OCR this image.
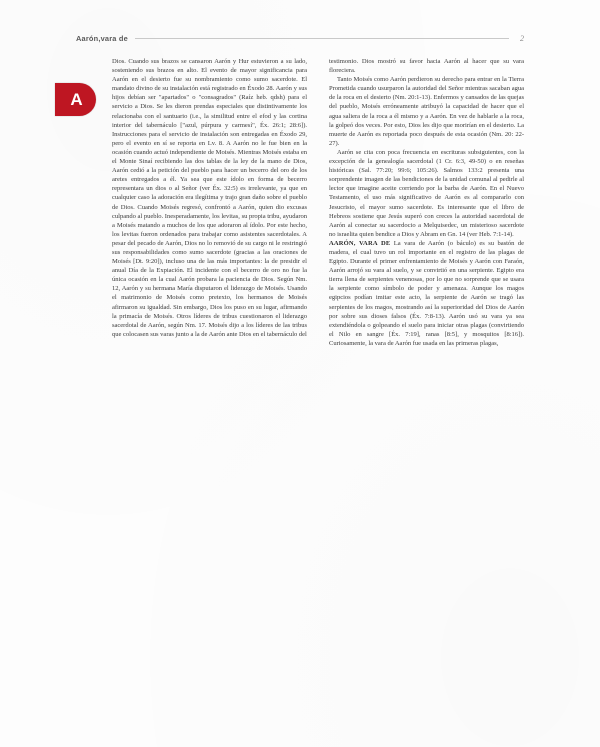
Aarón,vara de	2
A

Dios. Cuando sus brazos se cansaron Aarón y Hur estuvieron a su lado, sosteniendo sus brazos en alto. El evento de mayor significancia para Aarón en el desierto fue su nombramiento como sumo sacerdote. El mandato divino de su instalación está registrado en Éxodo 28. Aarón y sus hijos debían ser "apartados" o "consagrados" (Raíz heb. qdsh) para el servicio a Dios. Se les dieron prendas especiales que distintivamente los relacionaba con el santuario (i.e., la similitud entre el efod y las cortina interior del tabernáculo ["azul, púrpura y carmesí", Éx. 26:1; 28:6]). Instrucciones para el servicio de instalación son entregadas en Éxodo 29, pero el evento en sí se reporta en Lv. 8. A Aarón no le fue bien en la ocasión cuando actuó independiente de Moisés. Mientras Moisés estaba en el Monte Sinaí recibiendo las dos tablas de la ley de la mano de Dios, Aarón cedió a la petición del pueblo para hacer un becerro del oro de los aretes entregados a él. Ya sea que este ídolo en forma de becerro representara un dios o al Señor (ver Éx. 32:5) es irrelevante, ya que en cualquier caso la adoración era ilegítima y trajo gran daño sobre el pueblo de Dios. Cuando Moisés regresó, confrontó a Aarón, quien dio excusas culpando al pueblo. Inesperadamente, los levitas, su propia tribu, ayudaron a Moisés matando a muchos de los que adoraron al ídolo. Por este hecho, los levitas fueron ordenados para trabajar como asistentes sacerdotales. A pesar del pecado de Aarón, Dios no lo removió de su cargo ni le restringió sus responsabilidades como sumo sacerdote (gracias a las oraciones de Moisés [Dt. 9:20]), incluso una de las más importantes: la de presidir el anual Día de la Expiación. El incidente con el becerro de oro no fue la única ocasión en la cual Aarón probara la paciencia de Dios. Según Nm. 12, Aarón y su hermana María disputaron el liderazgo de Moisés. Usando el matrimonio de Moisés como pretexto, los hermanos de Moisés afirmaron su igualdad. Sin embargo, Dios los puso en su lugar, afirmando la primacía de Moisés. Otros líderes de tribus cuestionaron el liderazgo sacerdotal de Aarón, según Nm. 17. Moisés dijo a los líderes de las tribus que colocasen sus varas junto a la de Aarón ante Dios en el tabernáculo del

testimonio. Dios mostró su favor hacia Aarón al hacer que su vara floreciera.

Tanto Moisés como Aarón perdieron su derecho para entrar en la Tierra Prometida cuando usurparon la autoridad del Señor mientras sacaban agua de la roca en el desierto (Nm. 20:1-13). Enfermos y cansados de las quejas del pueblo, Moisés erróneamente atribuyó la capacidad de hacer que el agua saliera de la roca a él mismo y a Aarón. En vez de hablarle a la roca, la golpeó dos veces. Por esto, Dios les dijo que morirían en el desierto. La muerte de Aarón es reportada poco después de esta ocasión (Nm. 20: 22-27).

Aarón se cita con poca frecuencia en escrituras subsiguientes, con la excepción de la genealogía sacerdotal (1 Cr. 6:3, 49-50) o en reseñas históricas (Sal. 77:20; 99:6; 105:26). Salmos 133:2 presenta una sorprendente imagen de las bendiciones de la unidad comunal al pedirle al lector que imagine aceite corriendo por la barba de Aarón. En el Nuevo Testamento, el uso más significativo de Aarón es al compararlo con Jesucristo, el mayor sumo sacerdote. Es interesante que el libro de Hebreos sostiene que Jesús superó con creces la autoridad sacerdotal de Aarón al conectar su sacerdocio a Melquisedec, un misterioso sacerdote no israelita quien bendice a Dios y Abram en Gn. 14 (ver Heb. 7:1-14).

AARÓN, VARA DE La vara de Aarón (o báculo) es su bastón de madera, el cual tuvo un rol importante en el registro de las plagas de Egipto. Durante el primer enfrentamiento de Moisés y Aarón con Faraón, Aarón arrojó su vara al suelo, y se convirtió en una serpiente. Egipto era tierra llena de serpientes venenosas, por lo que no sorprende que se usara la serpiente como símbolo de poder y amenaza. Aunque los magos egipcios podían imitar este acto, la serpiente de Aarón se tragó las serpientes de los magos, mostrando así la superioridad del Dios de Aarón por sobre sus dioses falsos (Éx. 7:8-13). Aarón usó su vara ya sea extendiéndola o golpeando el suelo para iniciar otras plagas (convirtiendo el Nilo en sangre [Éx. 7:19], ranas [8:5], y mosquitos [8:16]). Curiosamente, la vara de Aarón fue usada en las primeras plagas,
